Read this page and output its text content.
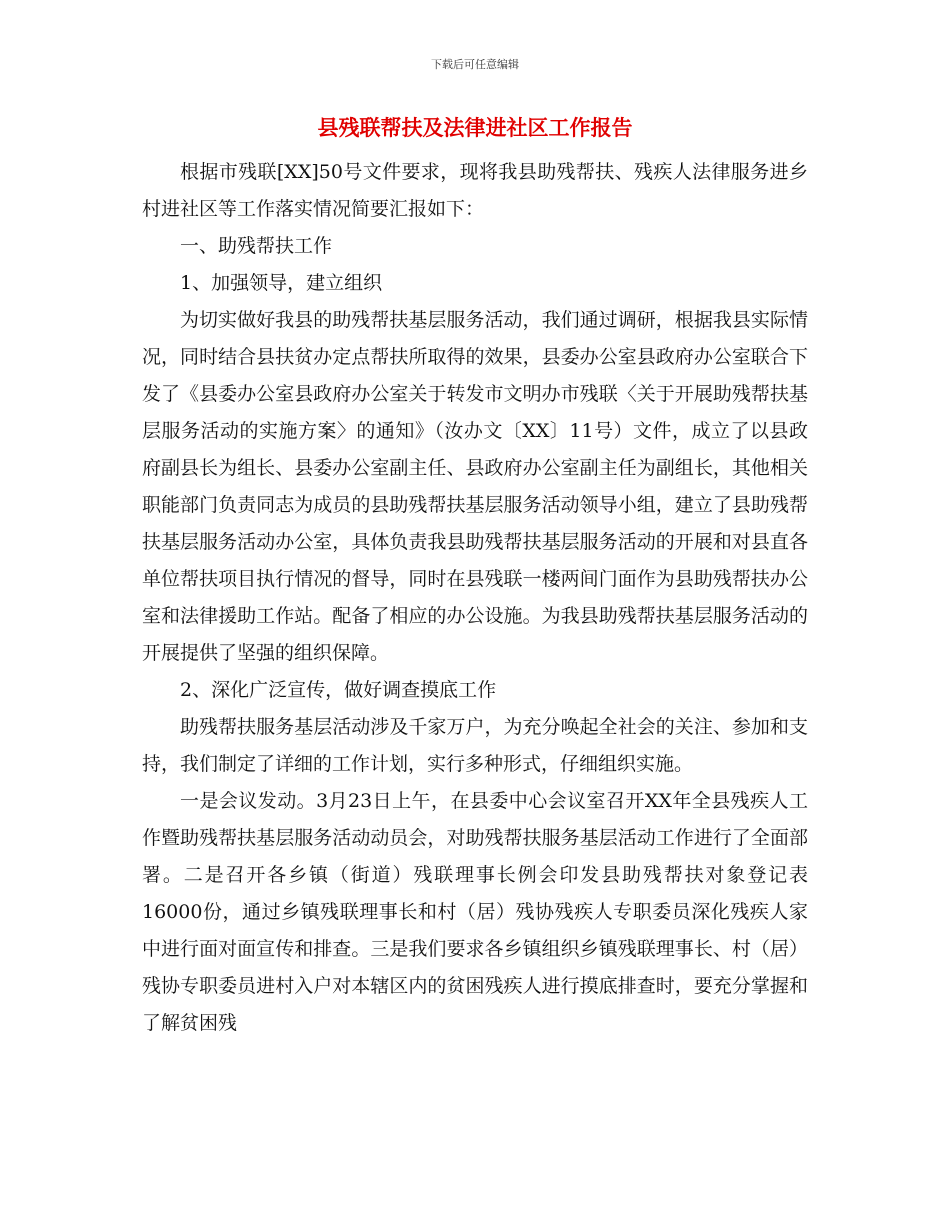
下载后可任意编辑
县残联帮扶及法律进社区工作报告

根据市残联[XX]50号文件要求，现将我县助残帮扶、残疾人法律服务进乡村进社区等工作落实情况简要汇报如下：

一、助残帮扶工作

1、加强领导，建立组织

为切实做好我县的助残帮扶基层服务活动，我们通过调研，根据我县实际情况，同时结合县扶贫办定点帮扶所取得的效果，县委办公室县政府办公室联合下发了《县委办公室县政府办公室关于转发市文明办市残联〈关于开展助残帮扶基层服务活动的实施方案〉的通知》（汝办文〔XX〕11号）文件，成立了以县政府副县长为组长、县委办公室副主任、县政府办公室副主任为副组长，其他相关职能部门负责同志为成员的县助残帮扶基层服务活动领导小组，建立了县助残帮扶基层服务活动办公室，具体负责我县助残帮扶基层服务活动的开展和对县直各单位帮扶项目执行情况的督导，同时在县残联一楼两间门面作为县助残帮扶办公室和法律援助工作站。配备了相应的办公设施。为我县助残帮扶基层服务活动的开展提供了坚强的组织保障。

2、深化广泛宣传，做好调查摸底工作

助残帮扶服务基层活动涉及千家万户，为充分唤起全社会的关注、参加和支持，我们制定了详细的工作计划，实行多种形式，仔细组织实施。

一是会议发动。3月23日上午，在县委中心会议室召开XX年全县残疾人工作暨助残帮扶基层服务活动动员会，对助残帮扶服务基层活动工作进行了全面部署。二是召开各乡镇（街道）残联理事长例会印发县助残帮扶对象登记表16000份，通过乡镇残联理事长和村（居）残协残疾人专职委员深化残疾人家中进行面对面宣传和排查。三是我们要求各乡镇组织乡镇残联理事长、村（居）残协专职委员进村入户对本辖区内的贫困残疾人进行摸底排查时，要充分掌握和了解贫困残
